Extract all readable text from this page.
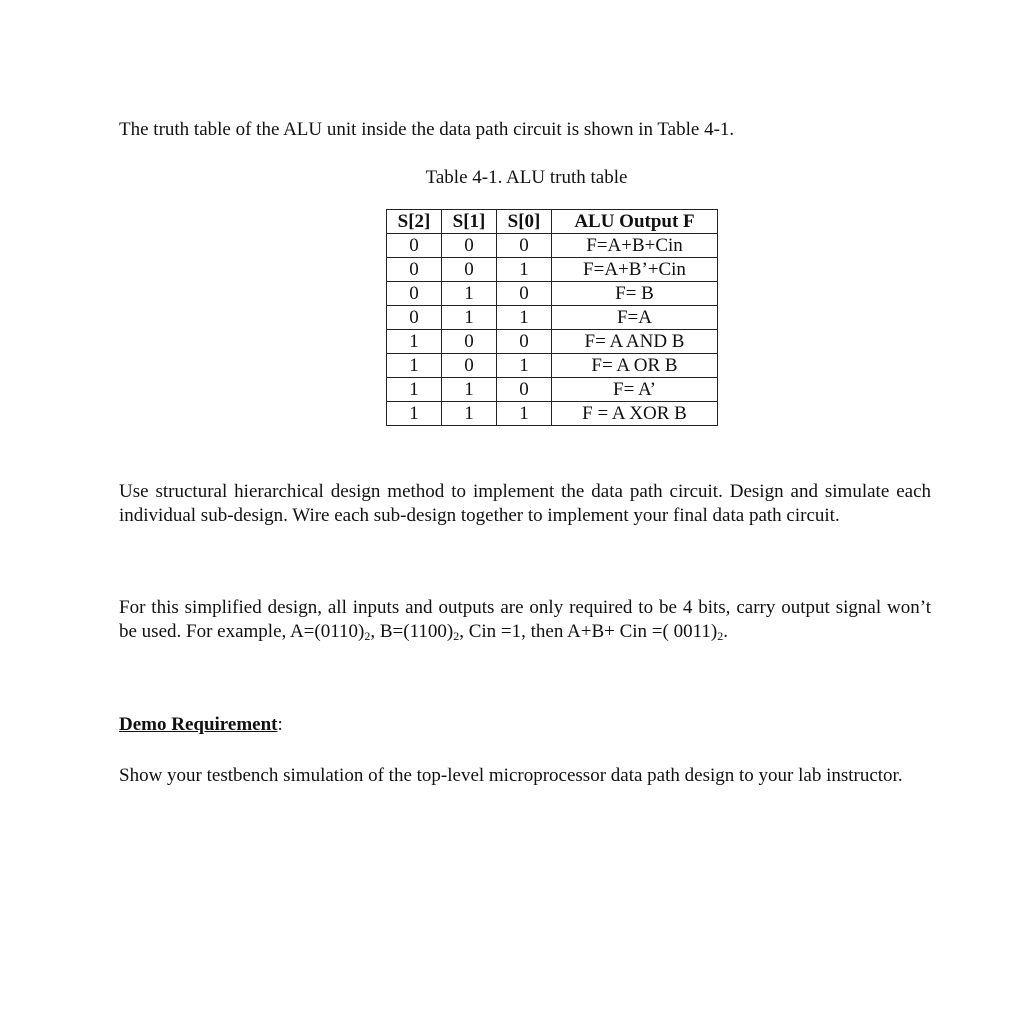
The truth table of the ALU unit inside the data path circuit is shown in Table 4-1.

Table 4-1. ALU truth table

S[2]	S[1]	S[0]	ALU Output F
0	0	0	F=A+B+Cin
0	0	1	F=A+B’+Cin
0	1	0	F= B
0	1	1	F=A
1	0	0	F= A AND B
1	0	1	F= A OR B
1	1	0	F= A’
1	1	1	F = A XOR B

Use structural hierarchical design method to implement the data path circuit. Design and simulate each individual sub-design. Wire each sub-design together to implement your final data path circuit.

For this simplified design, all inputs and outputs are only required to be 4 bits, carry output signal won’t be used. For example, $A=(0110)_2$, $B=(1100)_2$, Cin =1, then A+B+ Cin =( $0011)_2$.

Demo Requirement:

Show your testbench simulation of the top-level microprocessor data path design to your lab instructor.
